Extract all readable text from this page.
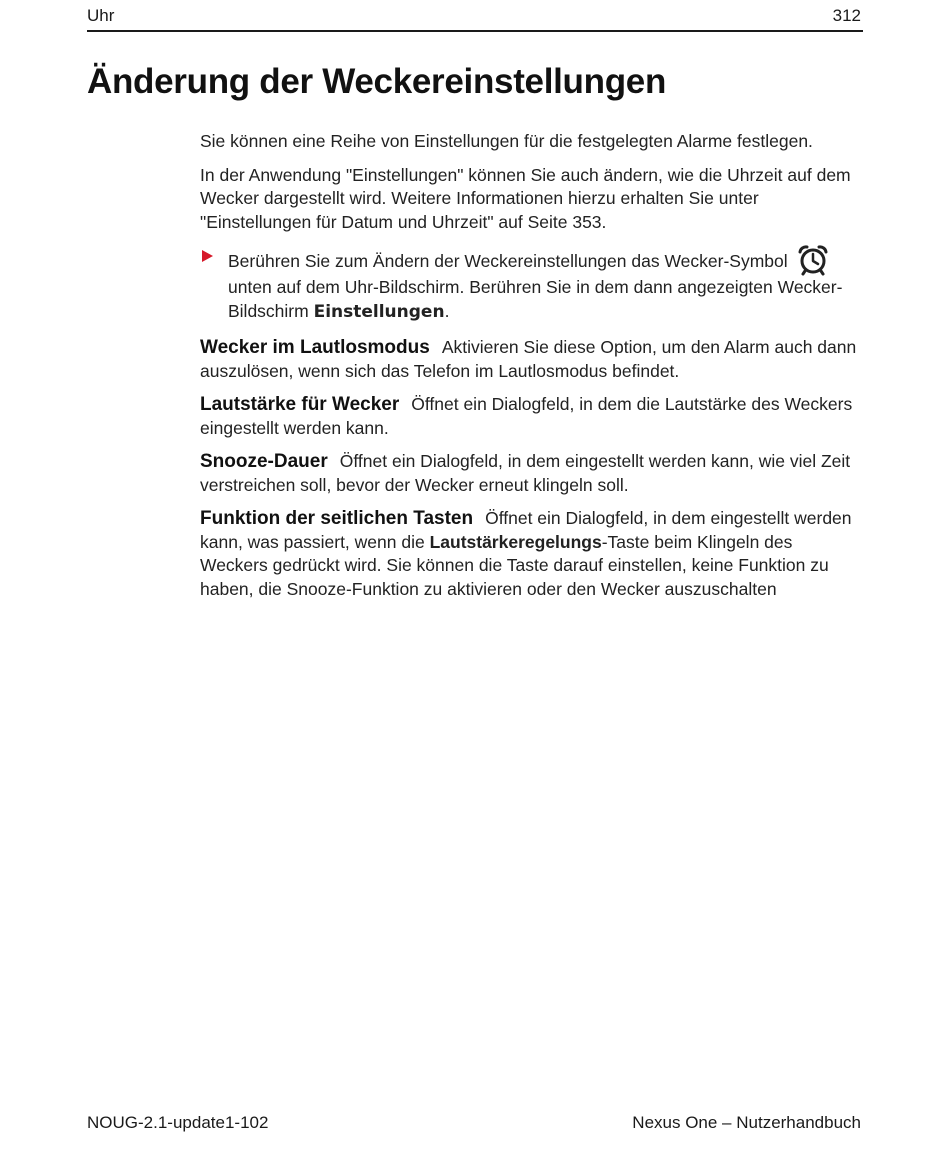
Uhr	312
Änderung der Weckereinstellungen

Sie können eine Reihe von Einstellungen für die festgelegten Alarme festlegen.

In der Anwendung "Einstellungen" können Sie auch ändern, wie die Uhrzeit auf dem Wecker dargestellt wird. Weitere Informationen hierzu erhalten Sie unter "Einstellungen für Datum und Uhrzeit" auf Seite 353.

Berühren Sie zum Ändern der Weckereinstellungen das Wecker-Symbol  unten auf dem Uhr-Bildschirm. Berühren Sie in dem dann angezeigten Wecker-Bildschirm Einstellungen.

Wecker im Lautlosmodus Aktivieren Sie diese Option, um den Alarm auch dann auszulösen, wenn sich das Telefon im Lautlosmodus befindet.

Lautstärke für Wecker Öffnet ein Dialogfeld, in dem die Lautstärke des Weckers eingestellt werden kann.

Snooze-Dauer Öffnet ein Dialogfeld, in dem eingestellt werden kann, wie viel Zeit verstreichen soll, bevor der Wecker erneut klingeln soll.

Funktion der seitlichen Tasten Öffnet ein Dialogfeld, in dem eingestellt werden kann, was passiert, wenn die Lautstärkeregelungs-Taste beim Klingeln des Weckers gedrückt wird. Sie können die Taste darauf einstellen, keine Funktion zu haben, die Snooze-Funktion zu aktivieren oder den Wecker auszuschalten

NOUG-2.1-update1-102	Nexus One – Nutzerhandbuch
